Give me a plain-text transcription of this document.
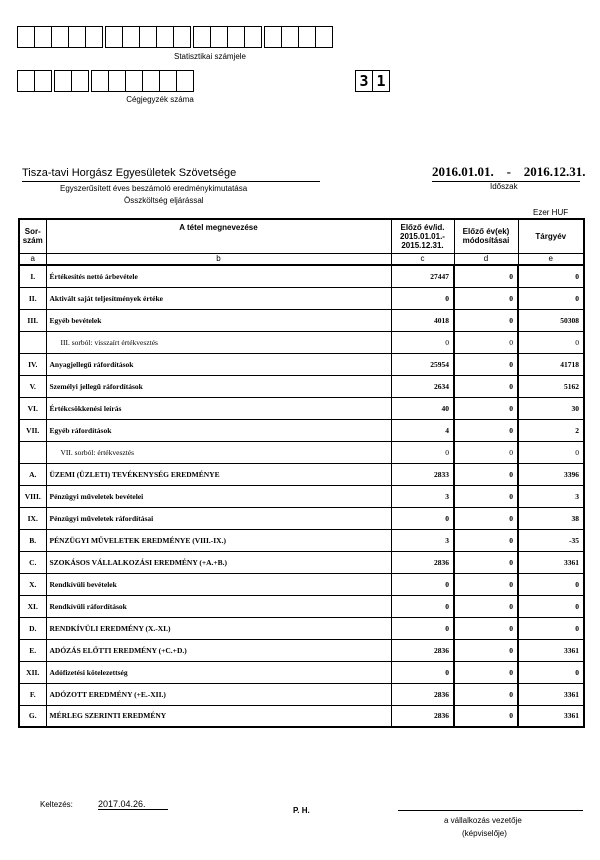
Statisztikai számjele
3 1
Cégjegyzék száma
Tisza-tavi Horgász Egyesületek Szövetsége	2016.01.01. - 2016.12.31.
Időszak
Egyszerűsített éves beszámoló eredménykimutatása
Összköltség eljárással
Ezer HUF
Sor- szám	A tétel megnevezése	Előző év/id. 2015.01.01.- 2015.12.31.	Előző év(ek) módosításai	Tárgyév
a	b	c	d	e
I.	Értékesítés nettó árbevétele	27447	0	0
II.	Aktivált saját teljesítmények értéke	0	0	0
III.	Egyéb bevételek	4018	0	50308
	III. sorból: visszaírt értékvesztés	0	0	0
IV.	Anyagjellegű ráfordítások	25954	0	41718
V.	Személyi jellegű ráfordítások	2634	0	5162
VI.	Értékcsökkenési leírás	40	0	30
VII.	Egyéb ráfordítások	4	0	2
	VII. sorból: értékvesztés	0	0	0
A.	ÜZEMI (ÜZLETI) TEVÉKENYSÉG EREDMÉNYE	2833	0	3396
VIII.	Pénzügyi műveletek bevételei	3	0	3
IX.	Pénzügyi műveletek ráfordításai	0	0	38
B.	PÉNZÜGYI MŰVELETEK EREDMÉNYE (VIII.-IX.)	3	0	-35
C.	SZOKÁSOS VÁLLALKOZÁSI EREDMÉNY (+A.+B.)	2836	0	3361
X.	Rendkívüli bevételek	0	0	0
XI.	Rendkívüli ráfordítások	0	0	0
D.	RENDKÍVÜLI EREDMÉNY (X.-XI.)	0	0	0
E.	ADÓZÁS ELŐTTI EREDMÉNY (+C.+D.)	2836	0	3361
XII.	Adófizetési kötelezettség	0	0	0
F.	ADÓZOTT EREDMÉNY (+E.-XII.)	2836	0	3361
G.	MÉRLEG SZERINTI EREDMÉNY	2836	0	3361
Keltezés:	2017.04.26.
P. H.
a vállalkozás vezetője
(képviselője)
